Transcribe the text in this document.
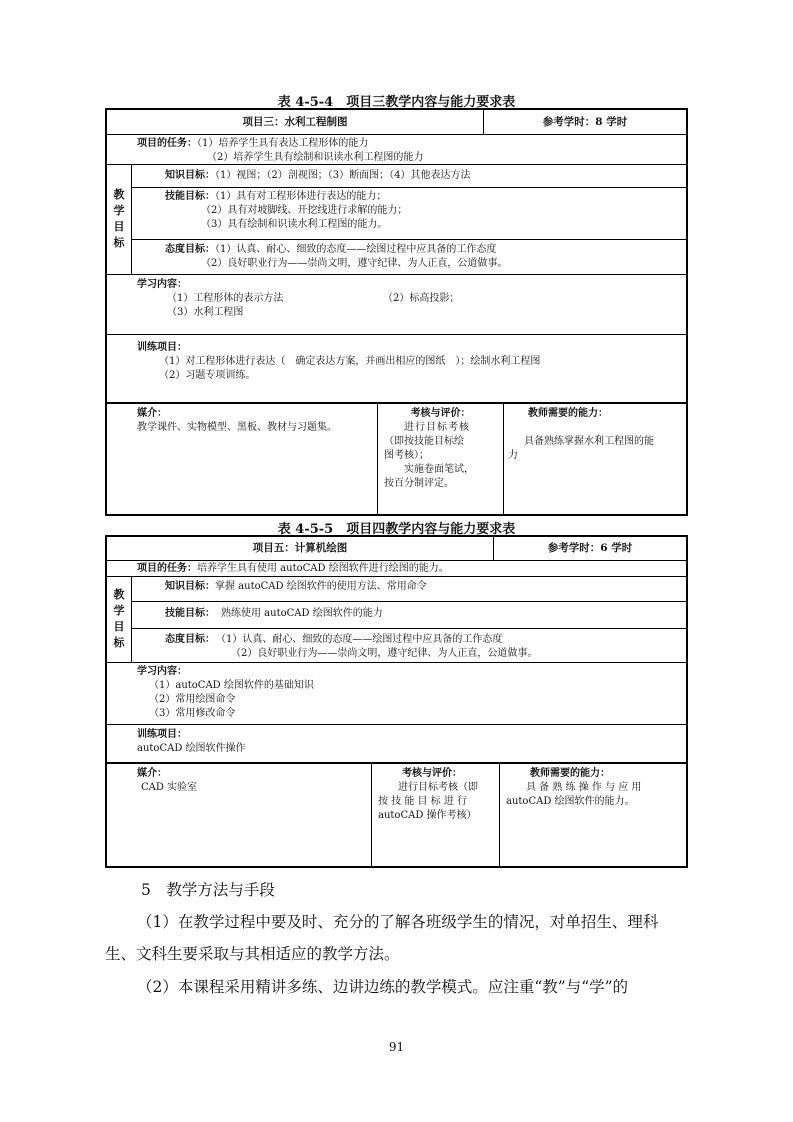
表 4-5-4　项目三教学内容与能力要求表
项目三：水利工程制图	参考学时：8 学时
项目的任务：（1）培养学生具有表达工程形体的能力
（2）培养学生具有绘制和识读水利工程图的能力
教学目标
知识目标：（1）视图；（2）剖视图；（3）断面图；（4）其他表达方法
技能目标：（1）具有对工程形体进行表达的能力；
（2）具有对坡脚线、开挖线进行求解的能力；
（3）具有绘制和识读水利工程图的能力。
态度目标：（1）认真、耐心、细致的态度——绘图过程中应具备的工作态度
（2）良好职业行为——崇尚文明，遵守纪律、为人正直，公道做事。
学习内容：
（1）工程形体的表示方法	（2）标高投影；
（3）水利工程图
训练项目：
（1）对工程形体进行表达（　确定表达方案，并画出相应的图纸　）；绘制水利工程图
（2）习题专项训练。
媒介：
教学课件、实物模型、黑板、教材与习题集。
考核与评价：
进行目标考核
（即按技能目标绘
图考核）；
实施卷面笔试，
按百分制评定。
教师需要的能力：
具备熟练掌握水利工程图的能
力
表 4-5-5　项目四教学内容与能力要求表
项目五：计算机绘图	参考学时：6 学时
项目的任务：培养学生具有使用 autoCAD 绘图软件进行绘图的能力。
教学目标
知识目标：掌握 autoCAD 绘图软件的使用方法、常用命令
技能目标： 熟练使用 autoCAD 绘图软件的能力
态度目标： （1）认真、耐心、细致的态度——绘图过程中应具备的工作态度
（2）良好职业行为——崇尚文明，遵守纪律、为人正直，公道做事。
学习内容：
（1）autoCAD 绘图软件的基础知识
（2）常用绘图命令
（3）常用修改命令
训练项目：
autoCAD 绘图软件操作
媒介：
CAD 实验室
考核与评价：
进行目标考核（即
按 技 能 目 标 进 行
autoCAD 操作考核）
教师需要的能力：
具 备 熟 练 操 作 与 应 用
autoCAD 绘图软件的能力。
5　教学方法与手段
（1）在教学过程中要及时、充分的了解各班级学生的情况，对单招生、理科
生、文科生要采取与其相适应的教学方法。
（2）本课程采用精讲多练、边讲边练的教学模式。应注重“教”与“学”的
91
